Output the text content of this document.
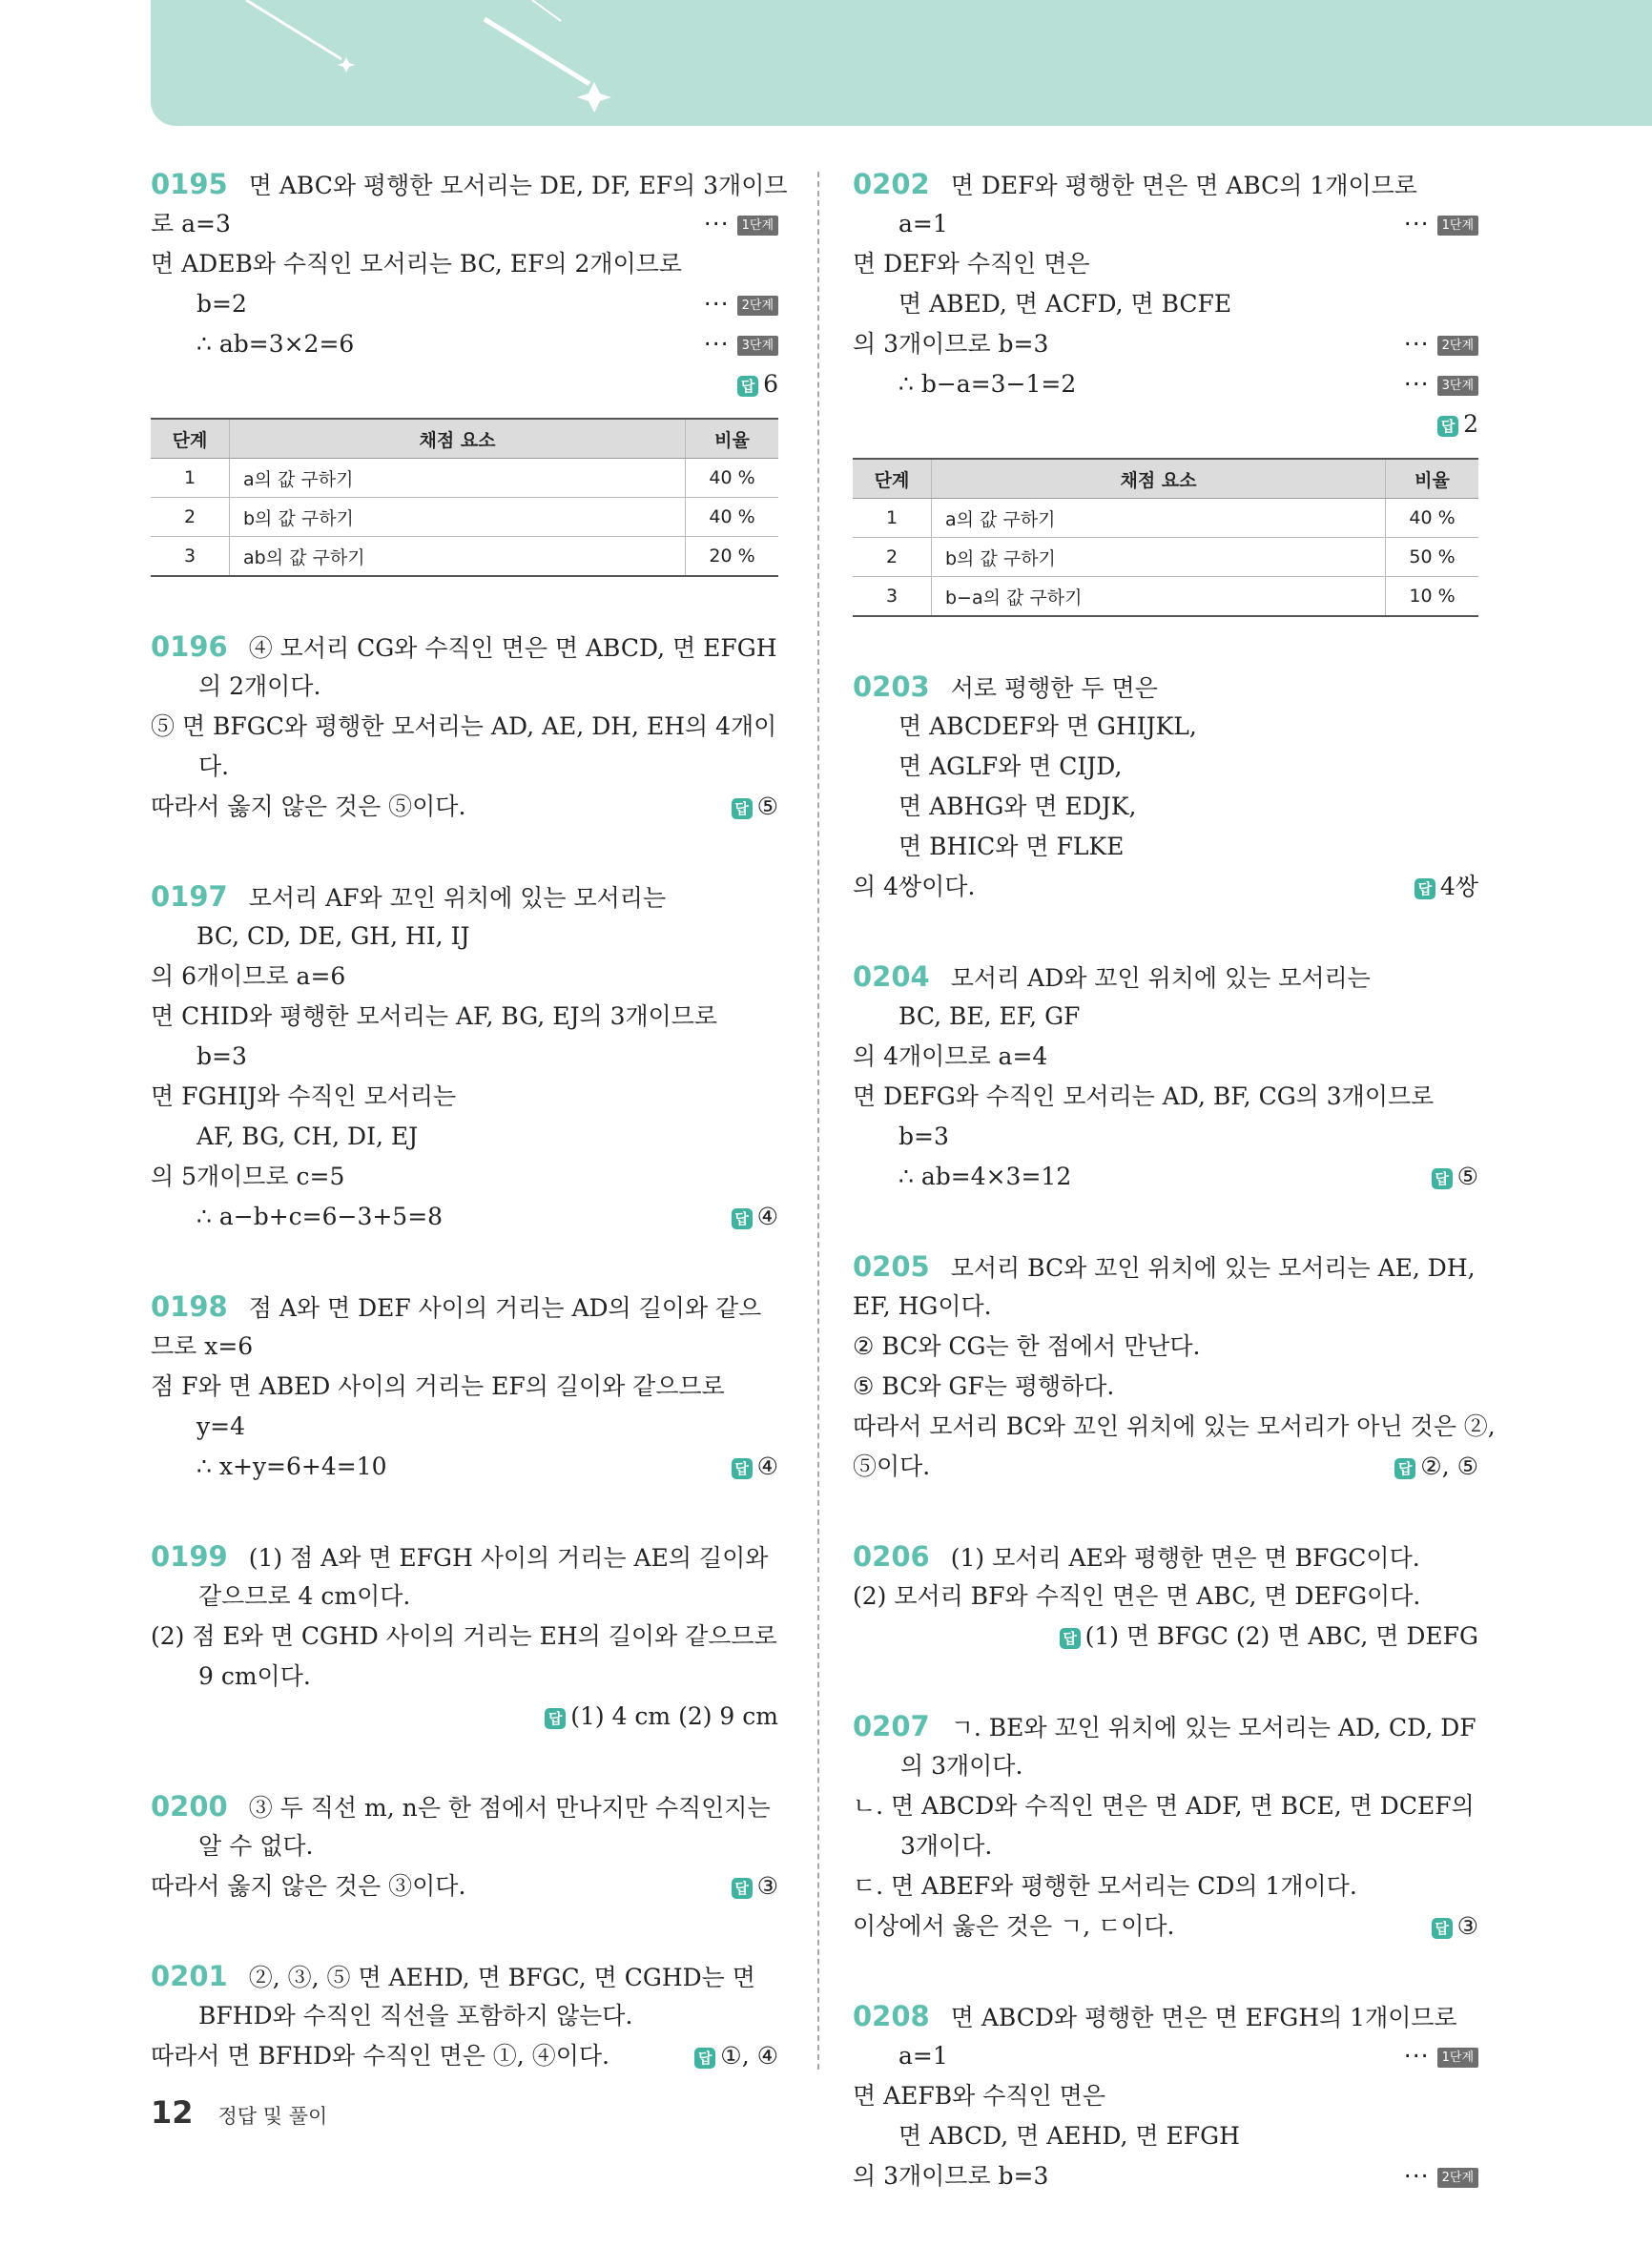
0195 면 ABC와 평행한 모서리는 DE, DF, EF의 3개이므
로 a=3	··· 1단계
면 ADEB와 수직인 모서리는 BC, EF의 2개이므로
b=2	··· 2단계
∴ ab=3×2=6	··· 3단계
답 6
단계	채점 요소	비율
1	a의 값 구하기	40 %
2	b의 값 구하기	40 %
3	ab의 값 구하기	20 %
0196 ④ 모서리 CG와 수직인 면은 면 ABCD, 면 EFGH
의 2개이다.
⑤ 면 BFGC와 평행한 모서리는 AD, AE, DH, EH의 4개이
다.
따라서 옳지 않은 것은 ⑤이다.	답 ⑤
0197 모서리 AF와 꼬인 위치에 있는 모서리는
BC, CD, DE, GH, HI, IJ
의 6개이므로 a=6
면 CHID와 평행한 모서리는 AF, BG, EJ의 3개이므로
b=3
면 FGHIJ와 수직인 모서리는
AF, BG, CH, DI, EJ
의 5개이므로 c=5
∴ a−b+c=6−3+5=8	답 ④
0198 점 A와 면 DEF 사이의 거리는 AD의 길이와 같으
므로 x=6
점 F와 면 ABED 사이의 거리는 EF의 길이와 같으므로
y=4
∴ x+y=6+4=10	답 ④
0199 (1) 점 A와 면 EFGH 사이의 거리는 AE의 길이와
같으므로 4 cm이다.
(2) 점 E와 면 CGHD 사이의 거리는 EH의 길이와 같으므로
9 cm이다.
답 (1) 4 cm (2) 9 cm
0200 ③ 두 직선 m, n은 한 점에서 만나지만 수직인지는
알 수 없다.
따라서 옳지 않은 것은 ③이다.	답 ③
0201 ②, ③, ⑤ 면 AEHD, 면 BFGC, 면 CGHD는 면
BFHD와 수직인 직선을 포함하지 않는다.
따라서 면 BFHD와 수직인 면은 ①, ④이다.	답 ①, ④
0202 면 DEF와 평행한 면은 면 ABC의 1개이므로
a=1	··· 1단계
면 DEF와 수직인 면은
면 ABED, 면 ACFD, 면 BCFE
의 3개이므로 b=3	··· 2단계
∴ b−a=3−1=2	··· 3단계
답 2
단계	채점 요소	비율
1	a의 값 구하기	40 %
2	b의 값 구하기	50 %
3	b−a의 값 구하기	10 %
0203 서로 평행한 두 면은
면 ABCDEF와 면 GHIJKL,
면 AGLF와 면 CIJD,
면 ABHG와 면 EDJK,
면 BHIC와 면 FLKE
의 4쌍이다.	답 4쌍
0204 모서리 AD와 꼬인 위치에 있는 모서리는
BC, BE, EF, GF
의 4개이므로 a=4
면 DEFG와 수직인 모서리는 AD, BF, CG의 3개이므로
b=3
∴ ab=4×3=12	답 ⑤
0205 모서리 BC와 꼬인 위치에 있는 모서리는 AE, DH,
EF, HG이다.
② BC와 CG는 한 점에서 만난다.
⑤ BC와 GF는 평행하다.
따라서 모서리 BC와 꼬인 위치에 있는 모서리가 아닌 것은 ②,
⑤이다.	답 ②, ⑤
0206 (1) 모서리 AE와 평행한 면은 면 BFGC이다.
(2) 모서리 BF와 수직인 면은 면 ABC, 면 DEFG이다.
답 (1) 면 BFGC (2) 면 ABC, 면 DEFG
0207 ㄱ. BE와 꼬인 위치에 있는 모서리는 AD, CD, DF
의 3개이다.
ㄴ. 면 ABCD와 수직인 면은 면 ADF, 면 BCE, 면 DCEF의
3개이다.
ㄷ. 면 ABEF와 평행한 모서리는 CD의 1개이다.
이상에서 옳은 것은 ㄱ, ㄷ이다.	답 ③
0208 면 ABCD와 평행한 면은 면 EFGH의 1개이므로
a=1	··· 1단계
면 AEFB와 수직인 면은
면 ABCD, 면 AEHD, 면 EFGH
의 3개이므로 b=3	··· 2단계
12 정답 및 풀이
